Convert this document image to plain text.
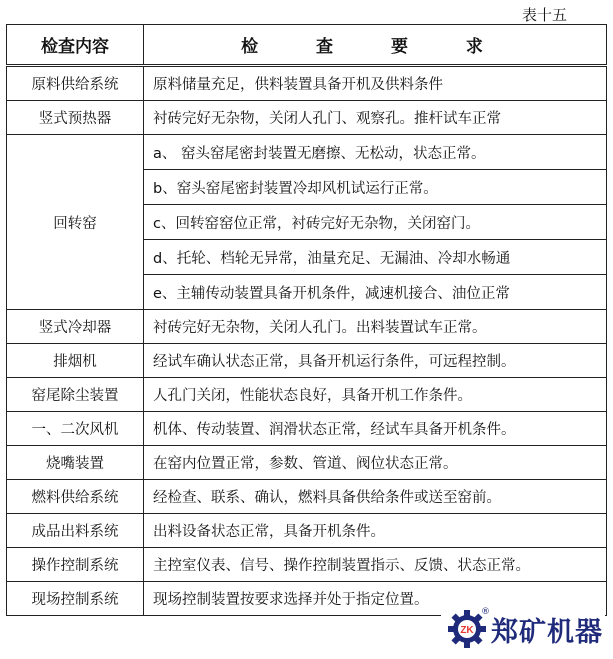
表十五
检查内容	检 查 要 求
原料供给系统	原料储量充足，供料装置具备开机及供料条件
竖式预热器	衬砖完好无杂物，关闭人孔门、观察孔。推杆试车正常
回转窑	a、 窑头窑尾密封装置无磨擦、无松动，状态正常。
	b、窑头窑尾密封装置冷却风机试运行正常。
	c、回转窑窑位正常，衬砖完好无杂物，关闭窑门。
	d、托轮、档轮无异常，油量充足、无漏油、冷却水畅通
	e、主辅传动装置具备开机条件，减速机接合、油位正常
竖式冷却器	衬砖完好无杂物，关闭人孔门。出料装置试车正常。
排烟机	经试车确认状态正常，具备开机运行条件，可远程控制。
窑尾除尘装置	人孔门关闭，性能状态良好，具备开机工作条件。
一、二次风机	机体、传动装置、润滑状态正常，经试车具备开机条件。
烧嘴装置	在窑内位置正常，参数、管道、阀位状态正常。
燃料供给系统	经检查、联系、确认，燃料具备供给条件或送至窑前。
成品出料系统	出料设备状态正常，具备开机条件。
操作控制系统	主控室仪表、信号、操作控制装置指示、反馈、状态正常。
现场控制系统	现场控制装置按要求选择并处于指定位置。
ZK
®
郑矿机器
